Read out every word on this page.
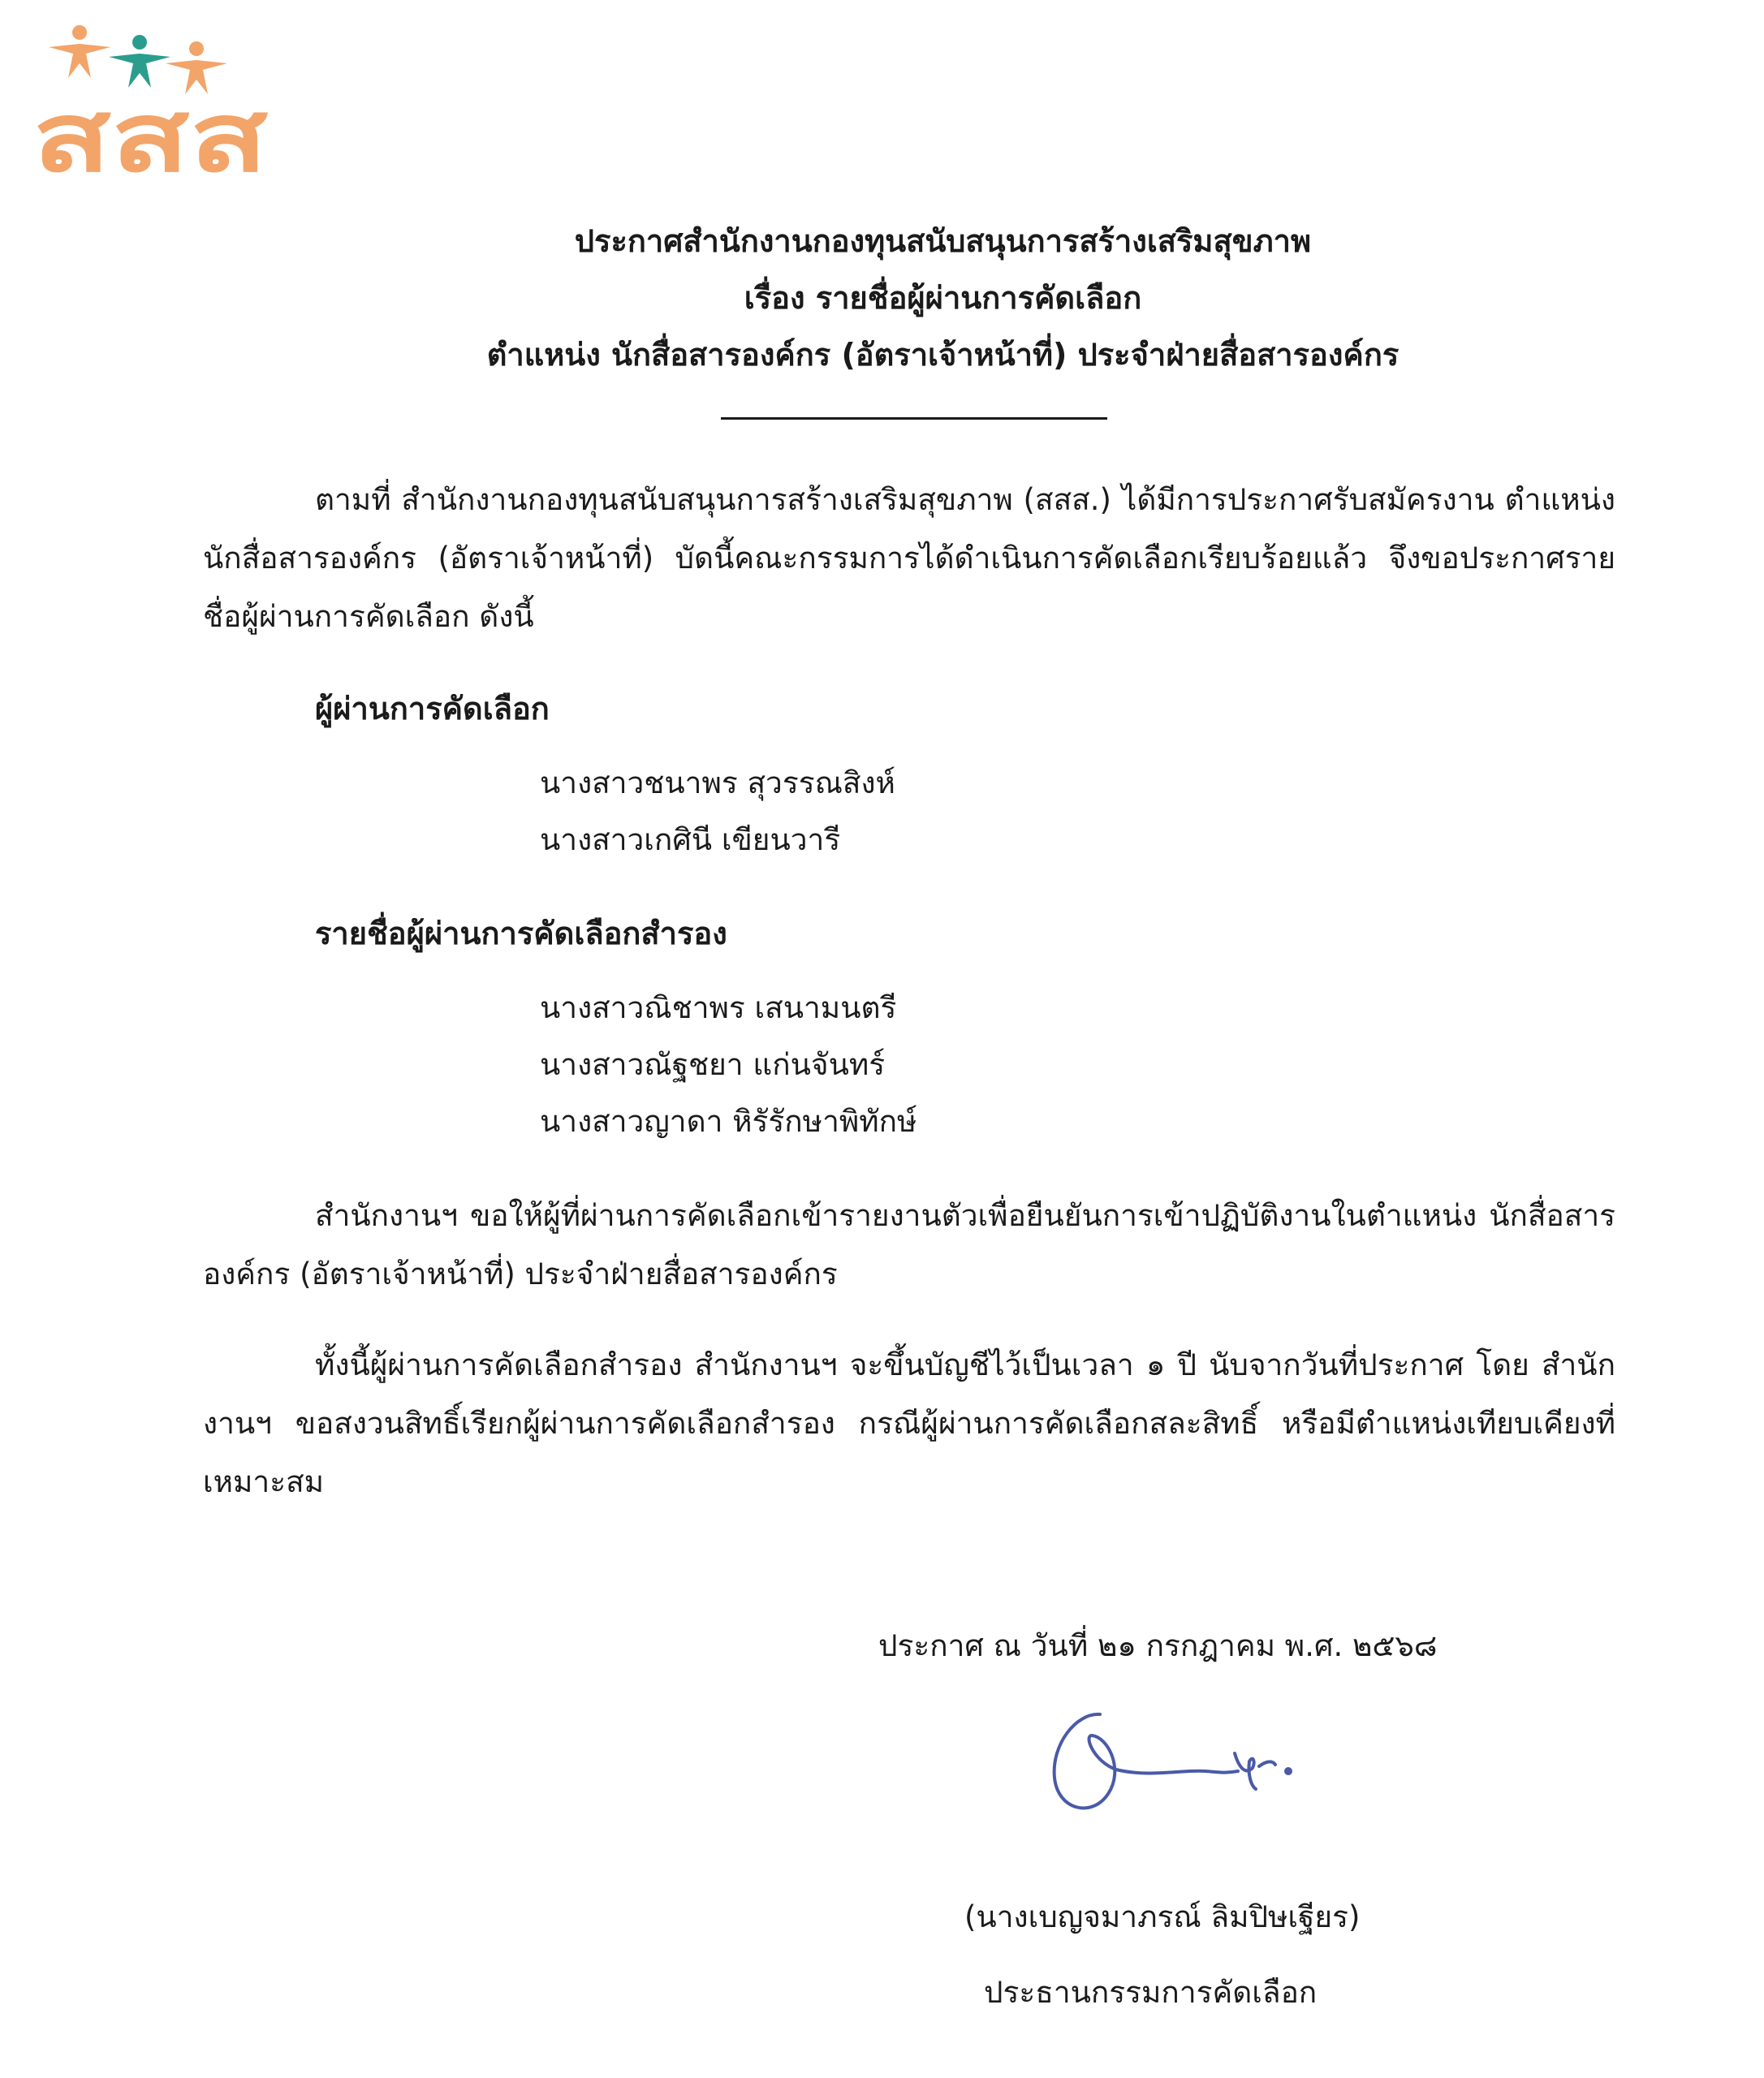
สสส
ประกาศสำนักงานกองทุนสนับสนุนการสร้างเสริมสุขภาพ
เรื่อง รายชื่อผู้ผ่านการคัดเลือก
ตำแหน่ง นักสื่อสารองค์กร (อัตราเจ้าหน้าที่) ประจำฝ่ายสื่อสารองค์กร
ตามที่ สำนักงานกองทุนสนับสนุนการสร้างเสริมสุขภาพ (สสส.) ได้มีการประกาศรับสมัครงาน ตำแหน่ง นักสื่อสารองค์กร (อัตราเจ้าหน้าที่) บัดนี้คณะกรรมการได้ดำเนินการคัดเลือกเรียบร้อยแล้ว จึงขอประกาศรายชื่อผู้ผ่านการคัดเลือก ดังนี้
ผู้ผ่านการคัดเลือก
นางสาวชนาพร สุวรรณสิงห์
นางสาวเกศินี เขียนวารี
รายชื่อผู้ผ่านการคัดเลือกสำรอง
นางสาวณิชาพร เสนามนตรี
นางสาวณัฐชยา แก่นจันทร์
นางสาวญาดา หิรัรักษาพิทักษ์
สำนักงานฯ ขอให้ผู้ที่ผ่านการคัดเลือกเข้ารายงานตัวเพื่อยืนยันการเข้าปฏิบัติงานในตำแหน่ง นักสื่อสารองค์กร (อัตราเจ้าหน้าที่) ประจำฝ่ายสื่อสารองค์กร
ทั้งนี้ผู้ผ่านการคัดเลือกสำรอง สำนักงานฯ จะขึ้นบัญชีไว้เป็นเวลา ๑ ปี นับจากวันที่ประกาศ โดย สำนักงานฯ ขอสงวนสิทธิ์เรียกผู้ผ่านการคัดเลือกสำรอง กรณีผู้ผ่านการคัดเลือกสละสิทธิ์ หรือมีตำแหน่งเทียบเคียงที่เหมาะสม
ประกาศ ณ วันที่ ๒๑ กรกฎาคม พ.ศ. ๒๕๖๘
(นางเบญจมาภรณ์ ลิมปิษเฐียร)
ประธานกรรมการคัดเลือก
